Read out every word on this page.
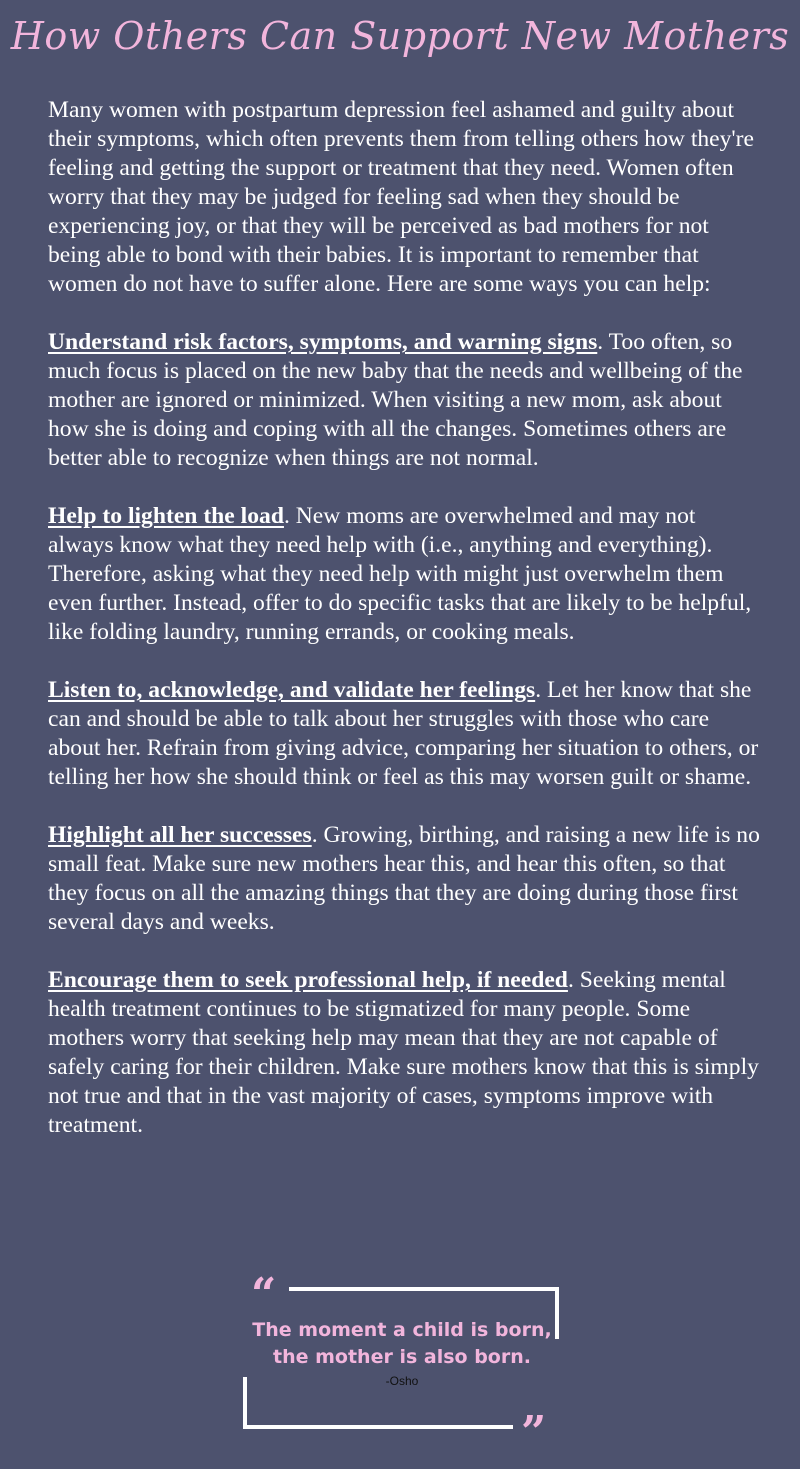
How Others Can Support New Mothers

Many women with postpartum depression feel ashamed and guilty about their symptoms, which often prevents them from telling others how they're feeling and getting the support or treatment that they need. Women often worry that they may be judged for feeling sad when they should be experiencing joy, or that they will be perceived as bad mothers for not being able to bond with their babies. It is important to remember that women do not have to suffer alone. Here are some ways you can help:

Understand risk factors, symptoms, and warning signs. Too often, so much focus is placed on the new baby that the needs and wellbeing of the mother are ignored or minimized. When visiting a new mom, ask about how she is doing and coping with all the changes. Sometimes others are better able to recognize when things are not normal.

Help to lighten the load. New moms are overwhelmed and may not always know what they need help with (i.e., anything and everything). Therefore, asking what they need help with might just overwhelm them even further. Instead, offer to do specific tasks that are likely to be helpful, like folding laundry, running errands, or cooking meals.

Listen to, acknowledge, and validate her feelings. Let her know that she can and should be able to talk about her struggles with those who care about her. Refrain from giving advice, comparing her situation to others, or telling her how she should think or feel as this may worsen guilt or shame.

Highlight all her successes. Growing, birthing, and raising a new life is no small feat. Make sure new mothers hear this, and hear this often, so that they focus on all the amazing things that they are doing during those first several days and weeks.

Encourage them to seek professional help, if needed. Seeking mental health treatment continues to be stigmatized for many people. Some mothers worry that seeking help may mean that they are not capable of safely caring for their children. Make sure mothers know that this is simply not true and that in the vast majority of cases, symptoms improve with treatment.

“
”
The moment a child is born,
the mother is also born.
-Osho
